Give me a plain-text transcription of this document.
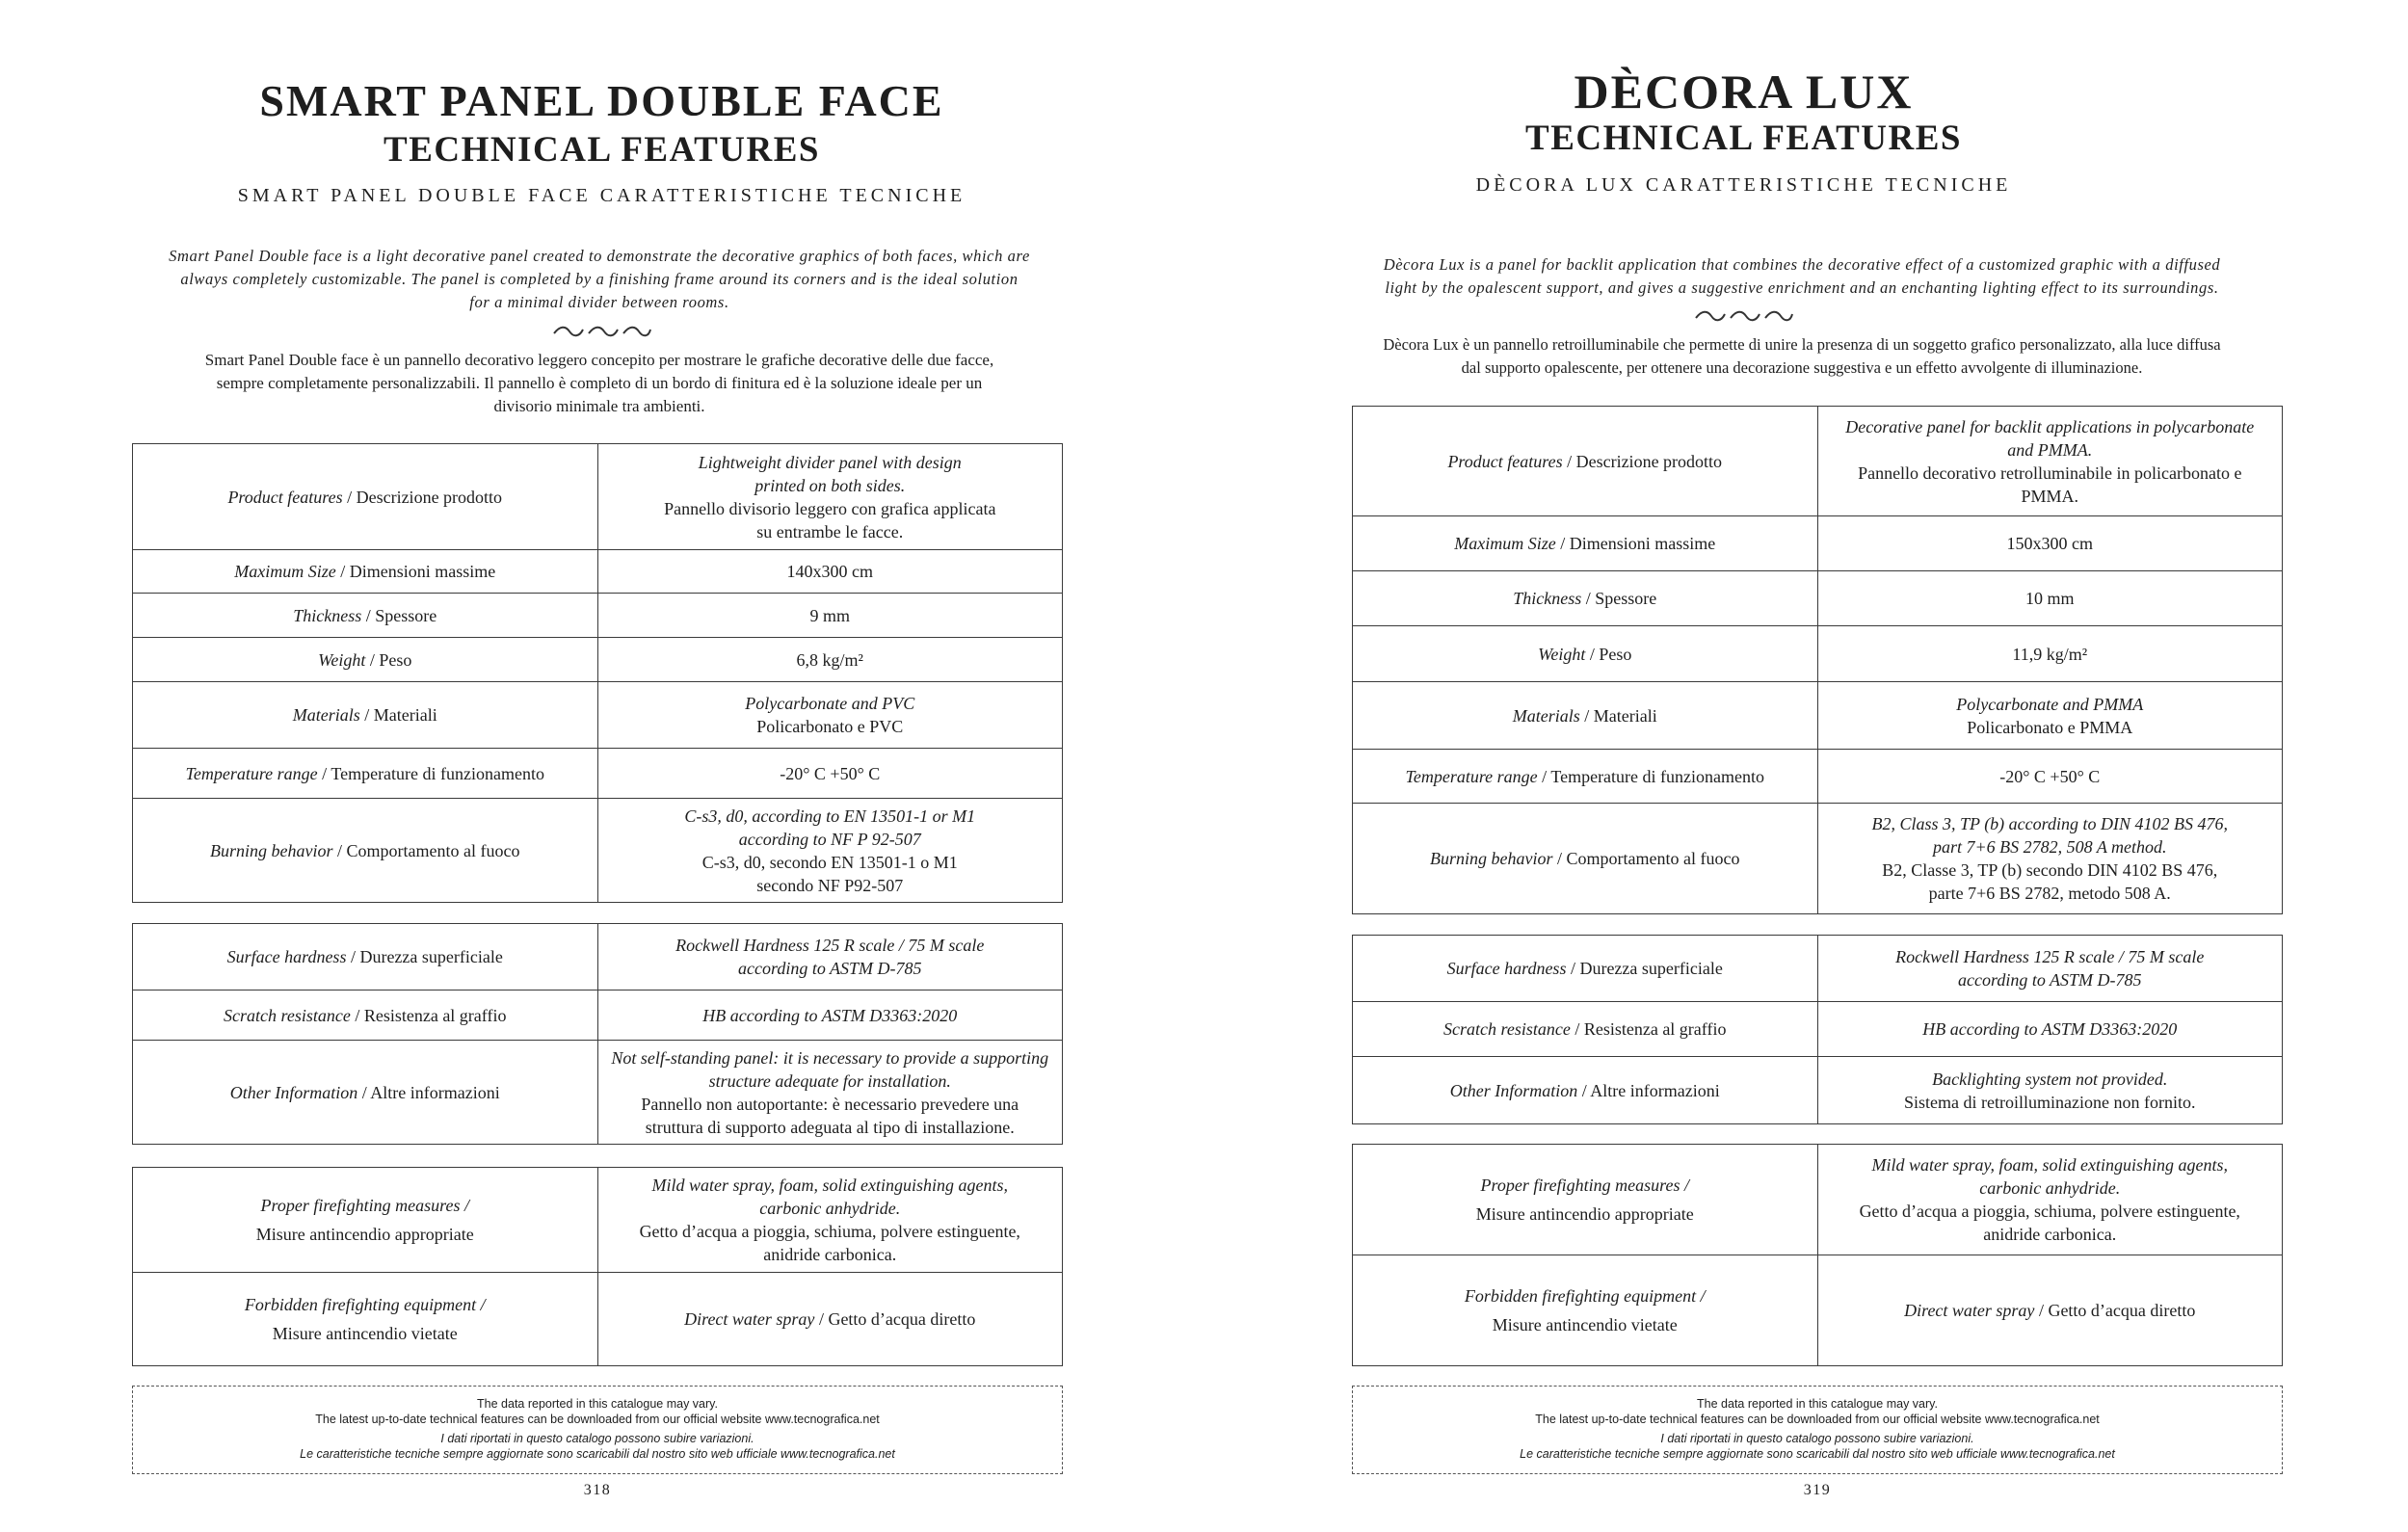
SMART PANEL DOUBLE FACE
TECHNICAL FEATURES

SMART PANEL DOUBLE FACE CARATTERISTICHE TECNICHE

Smart Panel Double face is a light decorative panel created to demonstrate the decorative graphics of both faces, which are
always completely customizable. The panel is completed by a finishing frame around its corners and is the ideal solution
for a minimal divider between rooms.
Smart Panel Double face è un pannello decorativo leggero concepito per mostrare le grafiche decorative delle due facce,
sempre completamente personalizzabili. Il pannello è completo di un bordo di finitura ed è la soluzione ideale per un
divisorio minimale tra ambienti.
Product features / Descrizione prodotto	Lightweight divider panel with design
printed on both sides.
Pannello divisorio leggero con grafica applicata
su entrambe le facce.

Maximum Size / Dimensioni massime	140x300 cm
Thickness / Spessore	9 mm
Weight / Peso	6,8 kg/m²
Materials / Materiali	Polycarbonate and PVC
Policarbonato e PVC

Temperature range / Temperature di funzionamento	-20° C +50° C
Burning behavior / Comportamento al fuoco	C-s3, d0, according to EN 13501-1 or M1
according to NF P 92-507
C-s3, d0, secondo EN 13501-1 o M1
secondo NF P92-507
Surface hardness / Durezza superficiale	Rockwell Hardness 125 R scale / 75 M scale
according to ASTM D-785

Scratch resistance / Resistenza al graffio	HB according to ASTM D3363:2020
Other Information / Altre informazioni	Not self-standing panel: it is necessary to provide a supporting
structure adequate for installation.
Pannello non autoportante: è necessario prevedere una
struttura di supporto adeguata al tipo di installazione.
Proper firefighting measures /
Misure antincendio appropriate	Mild water spray, foam, solid extinguishing agents,
carbonic anhydride.
Getto d’acqua a pioggia, schiuma, polvere estinguente,
anidride carbonica.

Forbidden firefighting equipment /
Misure antincendio vietate	Direct water spray / Getto d’acqua diretto
The data reported in this catalogue may vary.
The latest up-to-date technical features can be downloaded from our official website www.tecnografica.net
I dati riportati in questo catalogo possono subire variazioni.
Le caratteristiche tecniche sempre aggiornate sono scaricabili dal nostro sito web ufficiale www.tecnografica.net
318
DÈCORA LUX
TECHNICAL FEATURES

DÈCORA LUX CARATTERISTICHE TECNICHE

Dècora Lux is a panel for backlit application that combines the decorative effect of a customized graphic with a diffused
light by the opalescent support, and gives a suggestive enrichment and an enchanting lighting effect to its surroundings.
Dècora Lux è un pannello retroilluminabile che permette di unire la presenza di un soggetto grafico personalizzato, alla luce diffusa
dal supporto opalescente, per ottenere una decorazione suggestiva e un effetto avvolgente di illuminazione.
Product features / Descrizione prodotto	Decorative panel for backlit applications in polycarbonate
and PMMA.
Pannello decorativo retrolluminabile in policarbonato e
PMMA.

Maximum Size / Dimensioni massime	150x300 cm
Thickness / Spessore	10 mm
Weight / Peso	11,9 kg/m²
Materials / Materiali	Polycarbonate and PMMA
Policarbonato e PMMA

Temperature range / Temperature di funzionamento	-20° C +50° C
Burning behavior / Comportamento al fuoco	B2, Class 3, TP (b) according to DIN 4102 BS 476,
part 7+6 BS 2782, 508 A method.
B2, Classe 3, TP (b) secondo DIN 4102 BS 476,
parte 7+6 BS 2782, metodo 508 A.
Surface hardness / Durezza superficiale	Rockwell Hardness 125 R scale / 75 M scale
according to ASTM D-785

Scratch resistance / Resistenza al graffio	HB according to ASTM D3363:2020
Other Information / Altre informazioni	Backlighting system not provided.
Sistema di retroilluminazione non fornito.
Proper firefighting measures /
Misure antincendio appropriate	Mild water spray, foam, solid extinguishing agents,
carbonic anhydride.
Getto d’acqua a pioggia, schiuma, polvere estinguente,
anidride carbonica.

Forbidden firefighting equipment /
Misure antincendio vietate	Direct water spray / Getto d’acqua diretto
The data reported in this catalogue may vary.
The latest up-to-date technical features can be downloaded from our official website www.tecnografica.net
I dati riportati in questo catalogo possono subire variazioni.
Le caratteristiche tecniche sempre aggiornate sono scaricabili dal nostro sito web ufficiale www.tecnografica.net
319
